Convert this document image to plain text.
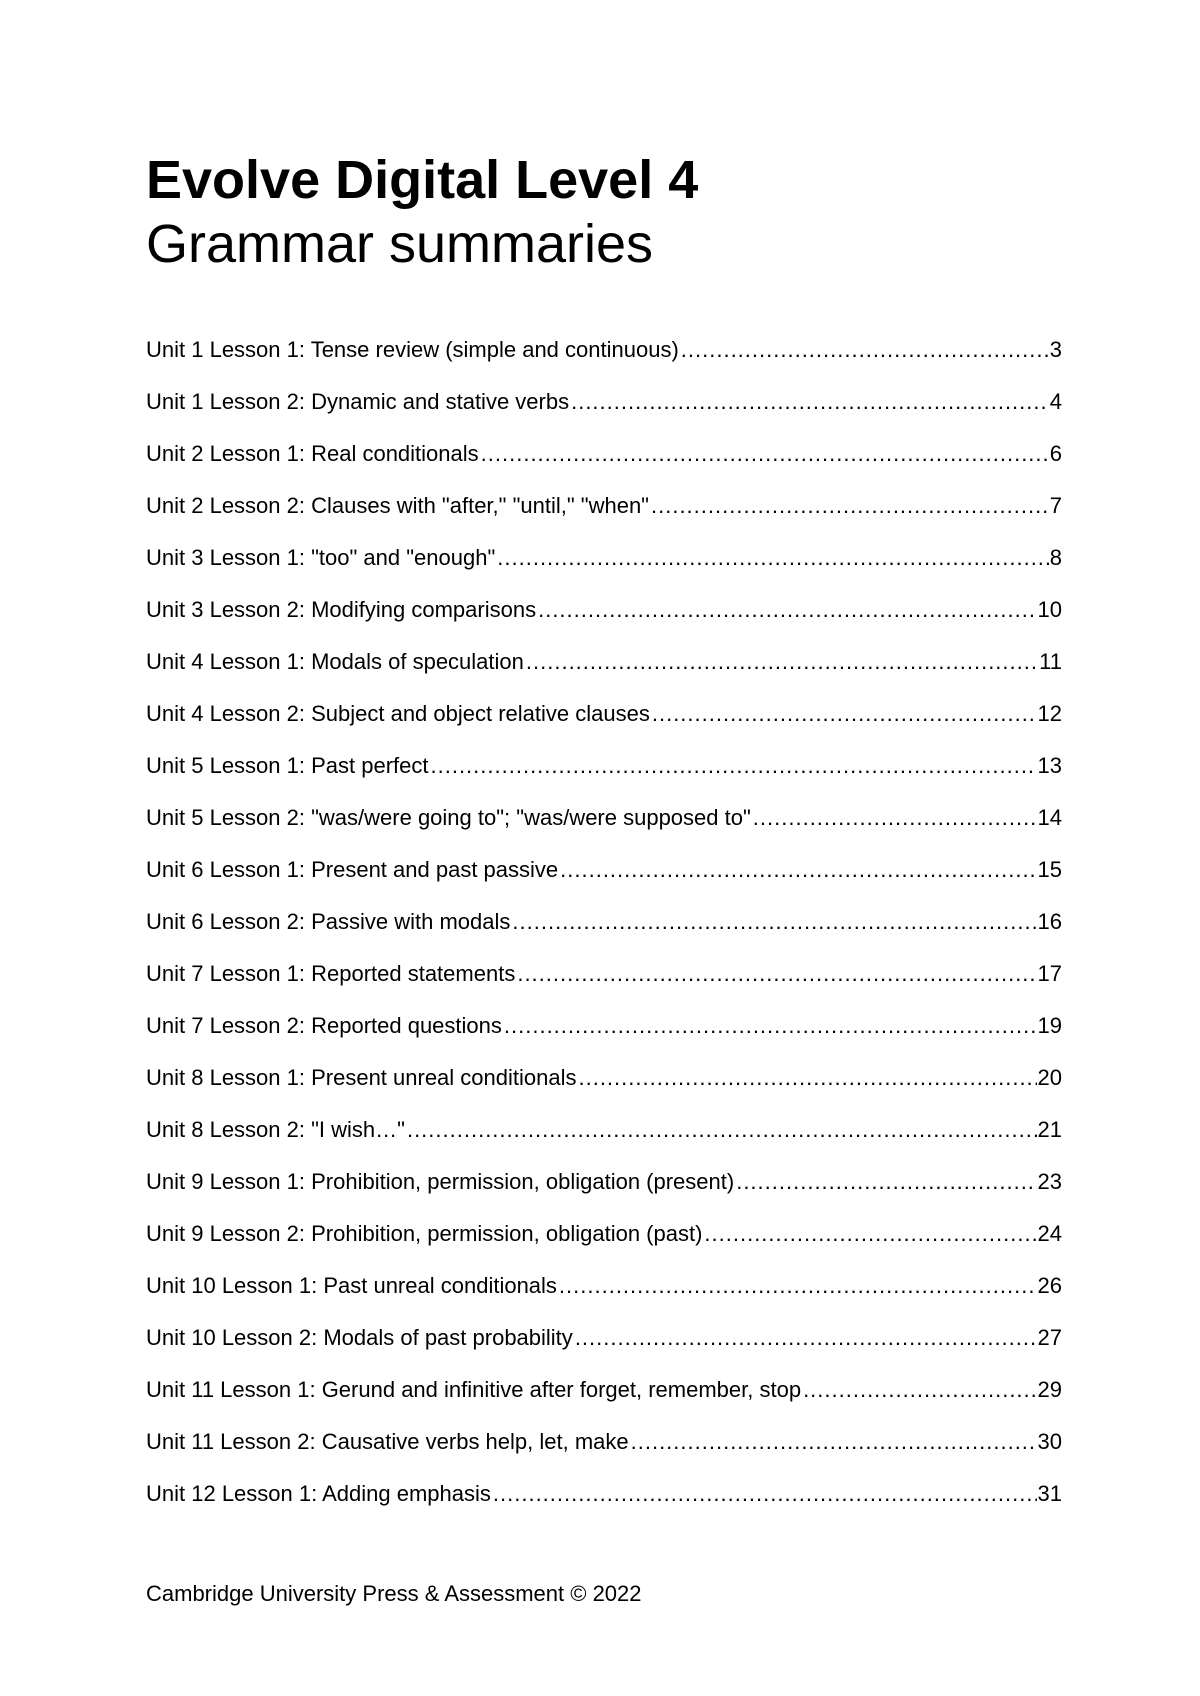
Evolve Digital Level 4
Grammar summaries
Unit 1 Lesson 1: Tense review (simple and continuous) .....	3
Unit 1 Lesson 2: Dynamic and stative verbs .....	4
Unit 2 Lesson 1: Real conditionals .....	6
Unit 2 Lesson 2: Clauses with "after," "until," "when" .....	7
Unit 3 Lesson 1: "too" and "enough" .....	8
Unit 3 Lesson 2: Modifying comparisons .....	10
Unit 4 Lesson 1: Modals of speculation .....	11
Unit 4 Lesson 2: Subject and object relative clauses .....	12
Unit 5 Lesson 1: Past perfect .....	13
Unit 5 Lesson 2: "was/were going to"; "was/were supposed to" .....	14
Unit 6 Lesson 1: Present and past passive .....	15
Unit 6 Lesson 2: Passive with modals .....	16
Unit 7 Lesson 1: Reported statements .....	17
Unit 7 Lesson 2: Reported questions .....	19
Unit 8 Lesson 1: Present unreal conditionals .....	20
Unit 8 Lesson 2: "I wish…" .....	21
Unit 9 Lesson 1: Prohibition, permission, obligation (present) .....	23
Unit 9 Lesson 2: Prohibition, permission, obligation (past) .....	24
Unit 10 Lesson 1: Past unreal conditionals .....	26
Unit 10 Lesson 2: Modals of past probability .....	27
Unit 11 Lesson 1: Gerund and infinitive after forget, remember, stop .....	29
Unit 11 Lesson 2: Causative verbs help, let, make .....	30
Unit 12 Lesson 1: Adding emphasis .....	31

Cambridge University Press & Assessment © 2022
